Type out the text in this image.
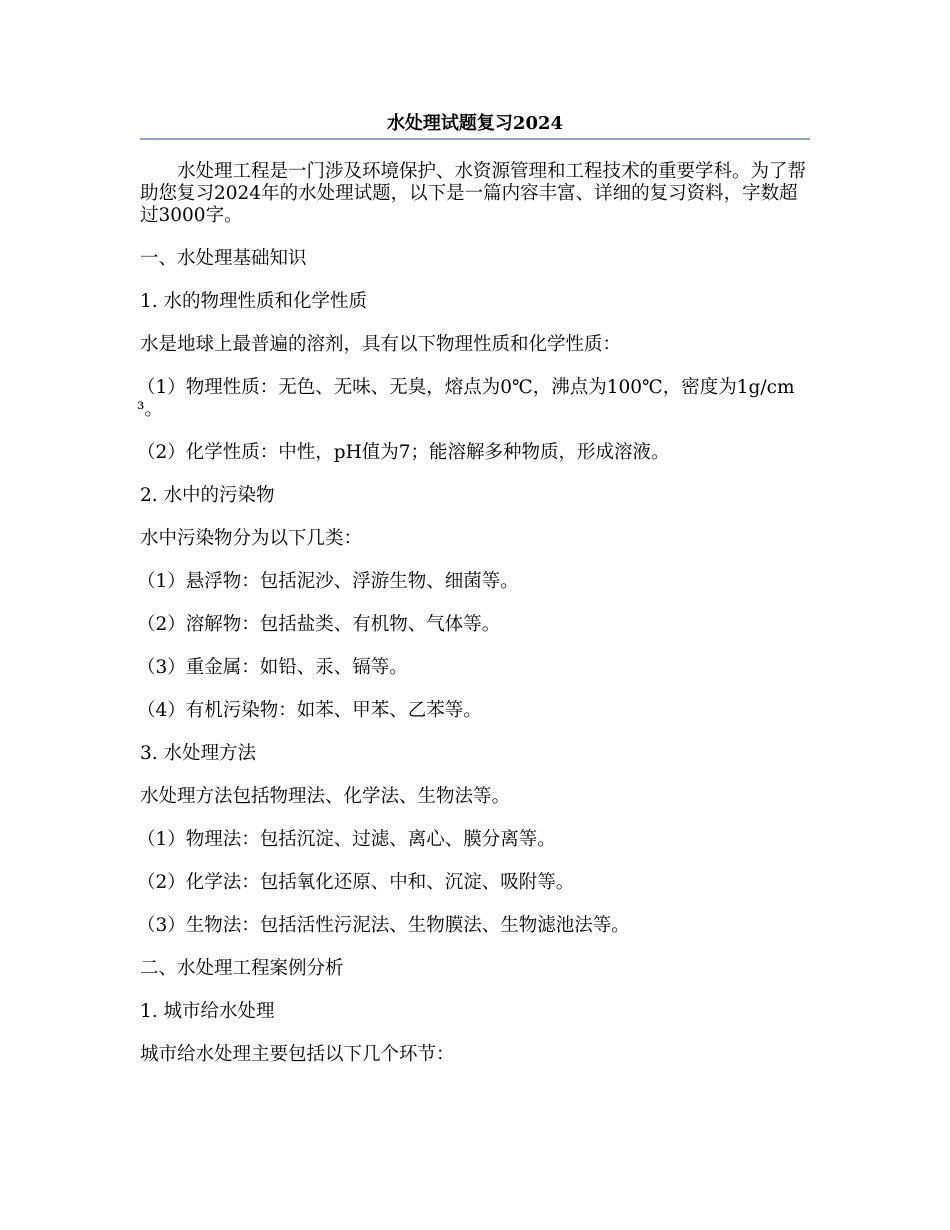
水处理试题复习2024

水处理工程是一门涉及环境保护、水资源管理和工程技术的重要学科。为了帮助您复习2024年的水处理试题，以下是一篇内容丰富、详细的复习资料，字数超过3000字。

一、水处理基础知识

1. 水的物理性质和化学性质

水是地球上最普遍的溶剂，具有以下物理性质和化学性质：

（1）物理性质：无色、无味、无臭，熔点为0℃，沸点为100℃，密度为1g/cm³。

（2）化学性质：中性，pH值为7；能溶解多种物质，形成溶液。

2. 水中的污染物

水中污染物分为以下几类：

（1）悬浮物：包括泥沙、浮游生物、细菌等。

（2）溶解物：包括盐类、有机物、气体等。

（3）重金属：如铅、汞、镉等。

（4）有机污染物：如苯、甲苯、乙苯等。

3. 水处理方法

水处理方法包括物理法、化学法、生物法等。

（1）物理法：包括沉淀、过滤、离心、膜分离等。

（2）化学法：包括氧化还原、中和、沉淀、吸附等。

（3）生物法：包括活性污泥法、生物膜法、生物滤池法等。

二、水处理工程案例分析

1. 城市给水处理

城市给水处理主要包括以下几个环节：
